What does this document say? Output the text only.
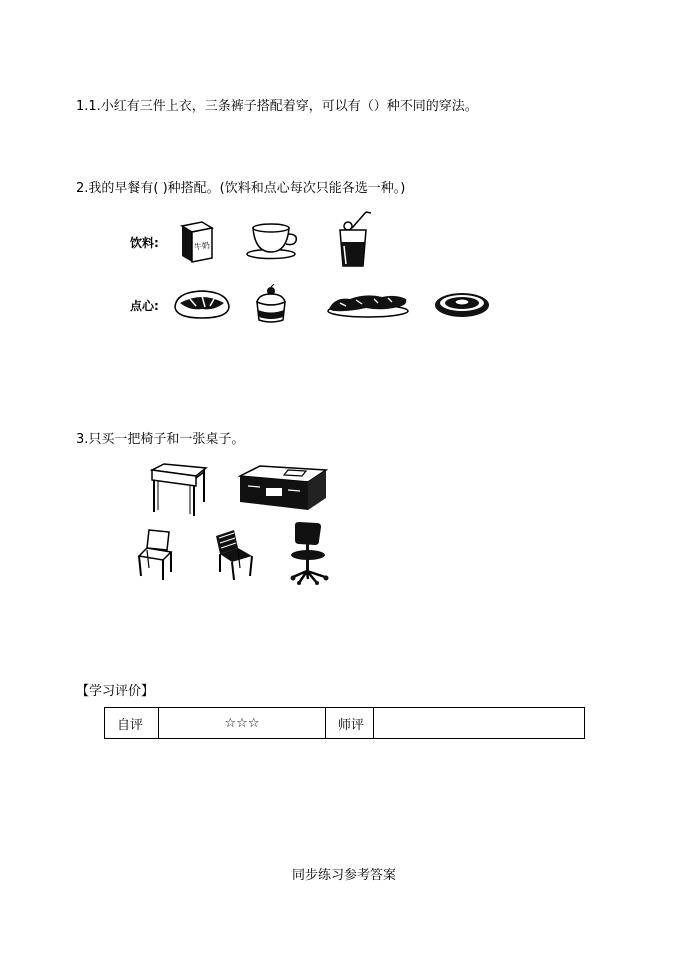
1.1.小红有三件上衣，三条裤子搭配着穿，可以有（）种不同的穿法。
2.我的早餐有( )种搭配。(饮料和点心每次只能各选一种。)
饮料:
点心:
牛奶
3.只买一把椅子和一张桌子。
【学习评价】
自评	☆☆☆	师评	
同步练习参考答案
